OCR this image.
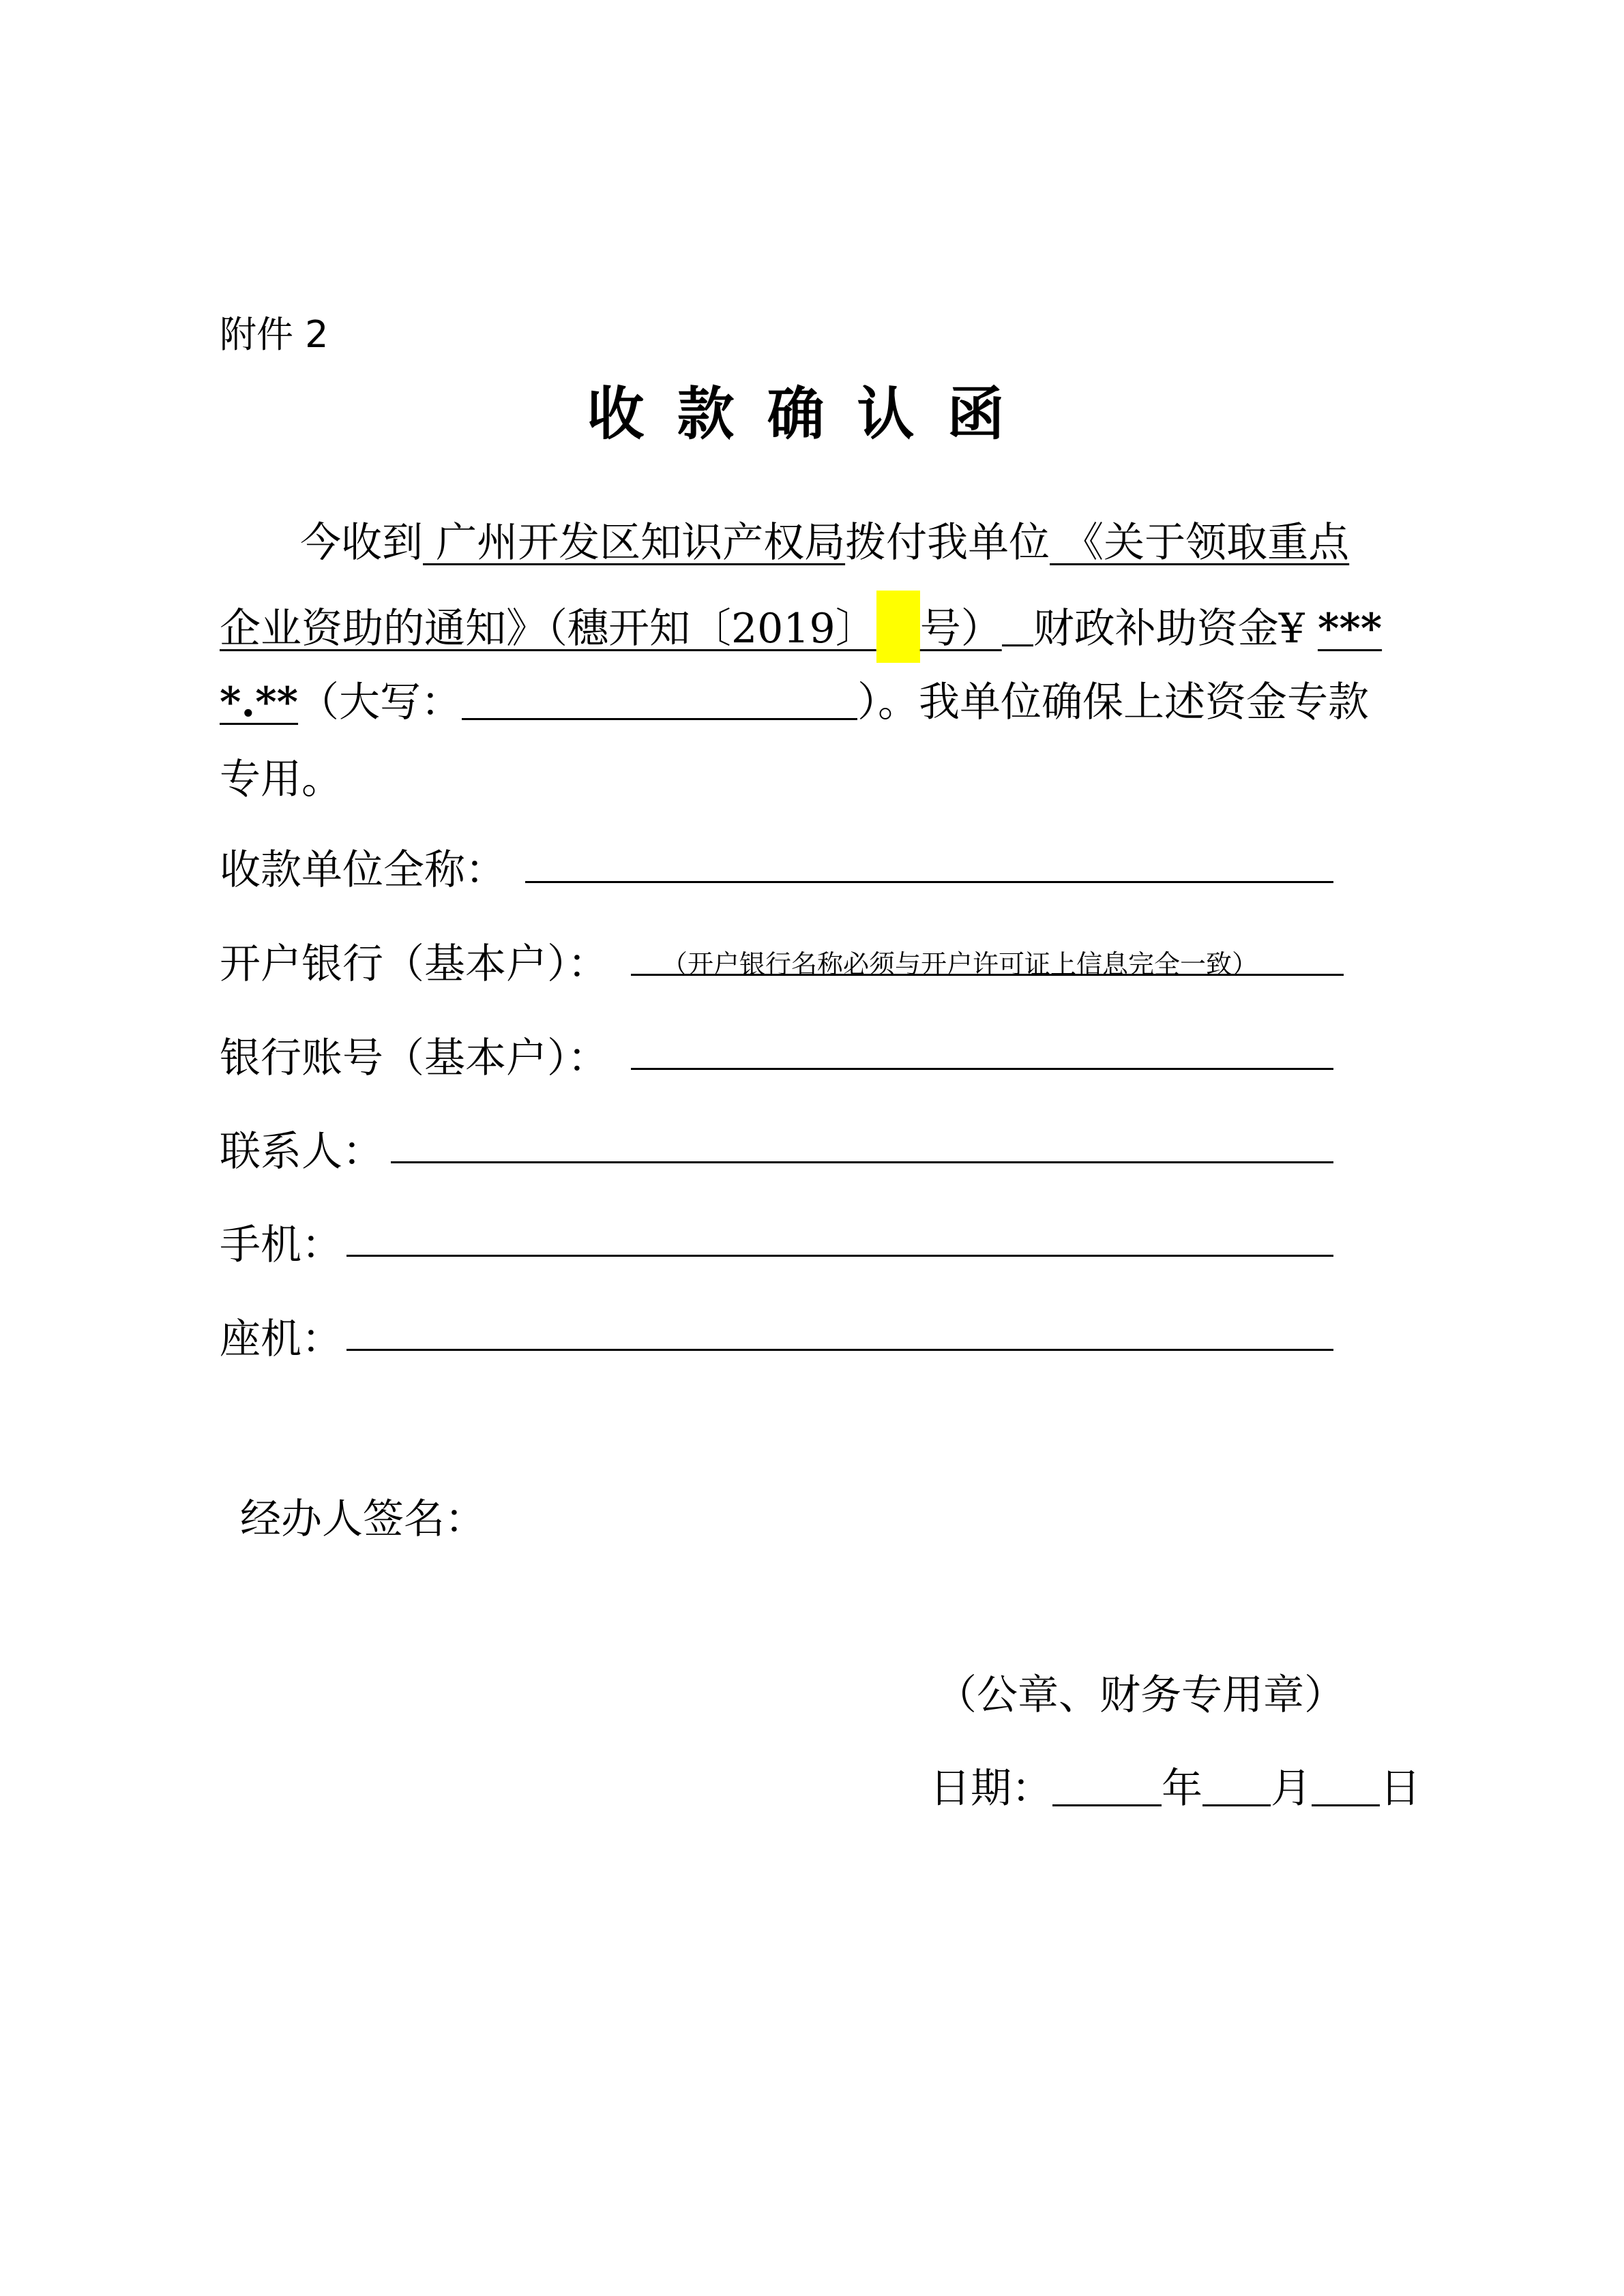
附件 2
收款确认函
今收到 广州开发区知识产权局拨付我单位 《关于领取重点
企业资助的通知》（穗开知〔2019〕 号） 财政补助资金¥ ***
*.**（大写：	）。我单位确保上述资金专款
专用。
收款单位全称：
开户银行（基本户）： （开户银行名称必须与开户许可证上信息完全一致）
银行账号（基本户）：
联系人：
手机：
座机：
经办人签名：
（公章、财务专用章）
日期：	年 月 日
